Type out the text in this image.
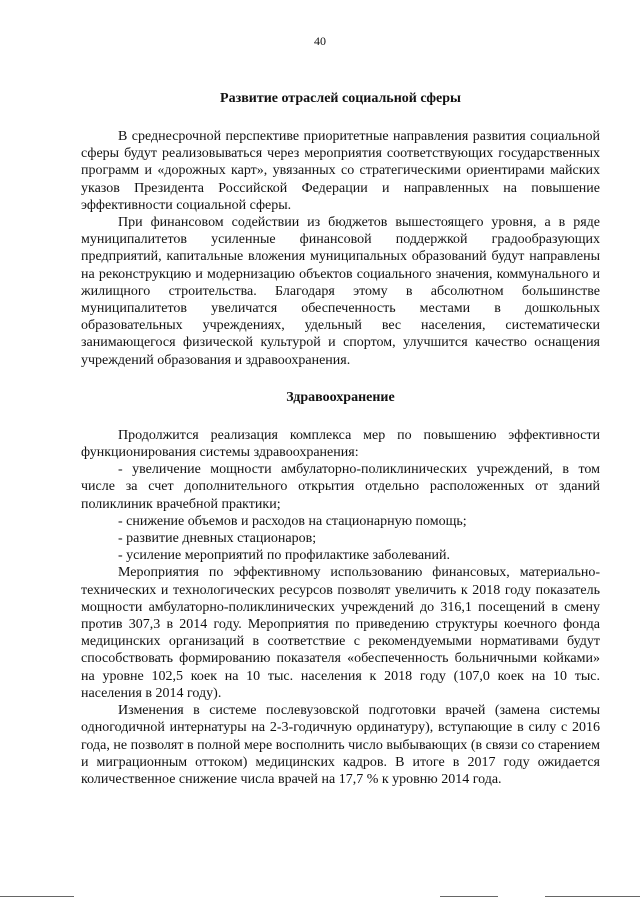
40
Развитие отраслей социальной сферы

В среднесрочной перспективе приоритетные направления развития социальной сферы будут реализовываться через мероприятия соответствующих государственных программ и «дорожных карт», увязанных со стратегическими ориентирами майских указов Президента Российской Федерации и направленных на повышение эффективности социальной сферы.

При финансовом содействии из бюджетов вышестоящего уровня, а в ряде муниципалитетов усиленные финансовой поддержкой градообразующих предприятий, капитальные вложения муниципальных образований будут направлены на реконструкцию и модернизацию объектов социального значения, коммунального и жилищного строительства. Благодаря этому в абсолютном большинстве муниципалитетов увеличатся обеспеченность местами в дошкольных образовательных учреждениях, удельный вес населения, систематически занимающегося физической культурой и спортом, улучшится качество оснащения учреждений образования и здравоохранения.

Здравоохранение

Продолжится реализация комплекса мер по повышению эффективности функционирования системы здравоохранения:

- увеличение мощности амбулаторно-поликлинических учреждений, в том числе за счет дополнительного открытия отдельно расположенных от зданий поликлиник врачебной практики;

- снижение объемов и расходов на стационарную помощь;

- развитие дневных стационаров;

- усиление мероприятий по профилактике заболеваний.

Мероприятия по эффективному использованию финансовых, материально-технических и технологических ресурсов позволят увеличить к 2018 году показатель мощности амбулаторно-поликлинических учреждений до 316,1 посещений в смену против 307,3 в 2014 году. Мероприятия по приведению структуры коечного фонда медицинских организаций в соответствие с рекомендуемыми нормативами будут способствовать формированию показателя «обеспеченность больничными койками» на уровне 102,5 коек на 10 тыс. населения к 2018 году (107,0 коек на 10 тыс. населения в 2014 году).

Изменения в системе послевузовской подготовки врачей (замена системы одногодичной интернатуры на 2-3-годичную ординатуру), вступающие в силу с 2016 года, не позволят в полной мере восполнить число выбывающих (в связи со старением и миграционным оттоком) медицинских кадров. В итоге в 2017 году ожидается количественное снижение числа врачей на 17,7 % к уровню 2014 года.
